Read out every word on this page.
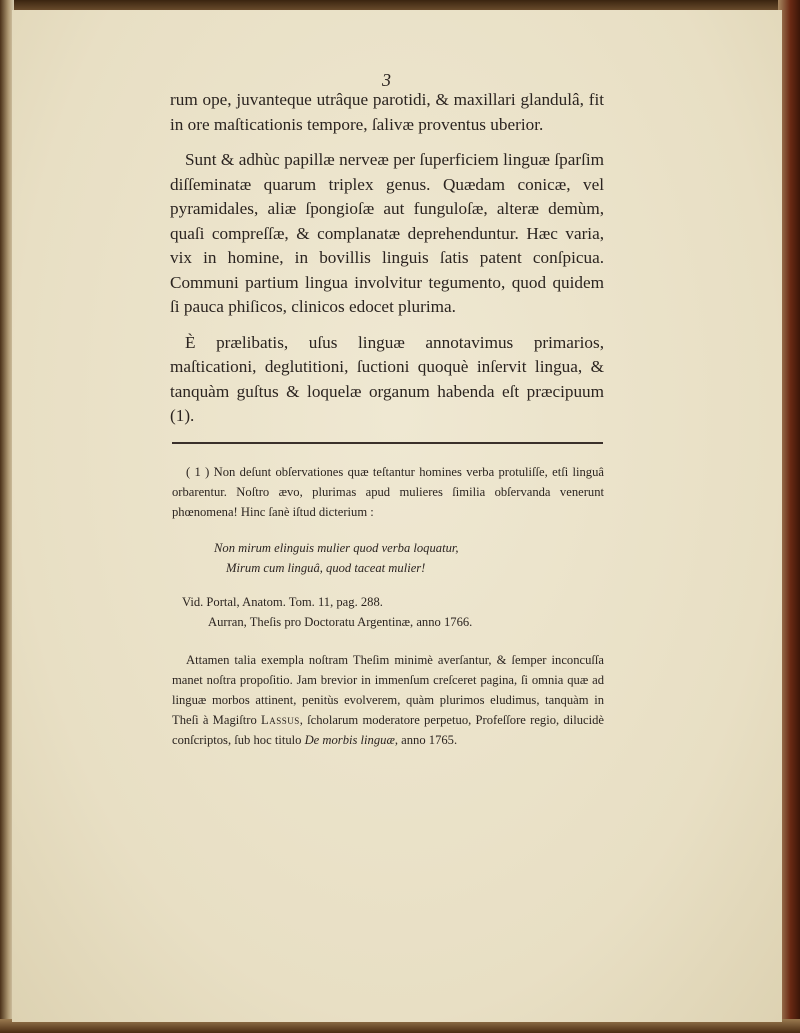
3

rum ope, juvanteque utrâque parotidi, & maxillari glandulâ, fit in ore maſticationis tempore, ſalivæ proventus uberior.

Sunt & adhùc papillæ nerveæ per ſuperficiem linguæ ſparſim diſſeminatæ quarum triplex genus. Quædam conicæ, vel pyramidales, aliæ ſpongioſæ aut funguloſæ, alteræ demùm, quaſi compreſſæ, & complanatæ deprehenduntur. Hæc varia, vix in homine, in bovillis linguis ſatis patent conſpicua. Communi partium lingua involvitur tegumento, quod quidem ſi pauca phiſicos, clinicos edocet plurima.

È prælibatis, uſus linguæ annotavimus primarios, maſticationi, deglutitioni, ſuctioni quoquè inſervit lingua, & tanquàm guſtus & loquelæ organum habenda eſt præcipuum (1).

( 1 ) Non deſunt obſervationes quæ teſtantur homines verba protuliſſe, etſi linguâ orbarentur. Noſtro ævo, plurimas apud mulieres ſimilia obſervanda venerunt phœnomena! Hinc ſanè iſtud dicterium :

Non mirum elinguis mulier quod verba loquatur,
Mirum cum linguâ, quod taceat mulier!
Vid. Portal, Anatom. Tom. 11, pag. 288.
Aurran, Theſis pro Doctoratu Argentinæ, anno 1766.

Attamen talia exempla noſtram Theſim minimè averſantur, & ſemper inconcuſſa manet noſtra propoſitio. Jam brevior in immenſum creſceret pagina, ſi omnia quæ ad linguæ morbos attinent, penitùs evolverem, quàm plurimos eludimus, tanquàm in Theſi à Magiſtro Lassus, ſcholarum moderatore perpetuo, Profeſſore regio, dilucidè conſcriptos, ſub hoc titulo De morbis linguæ, anno 1765.
